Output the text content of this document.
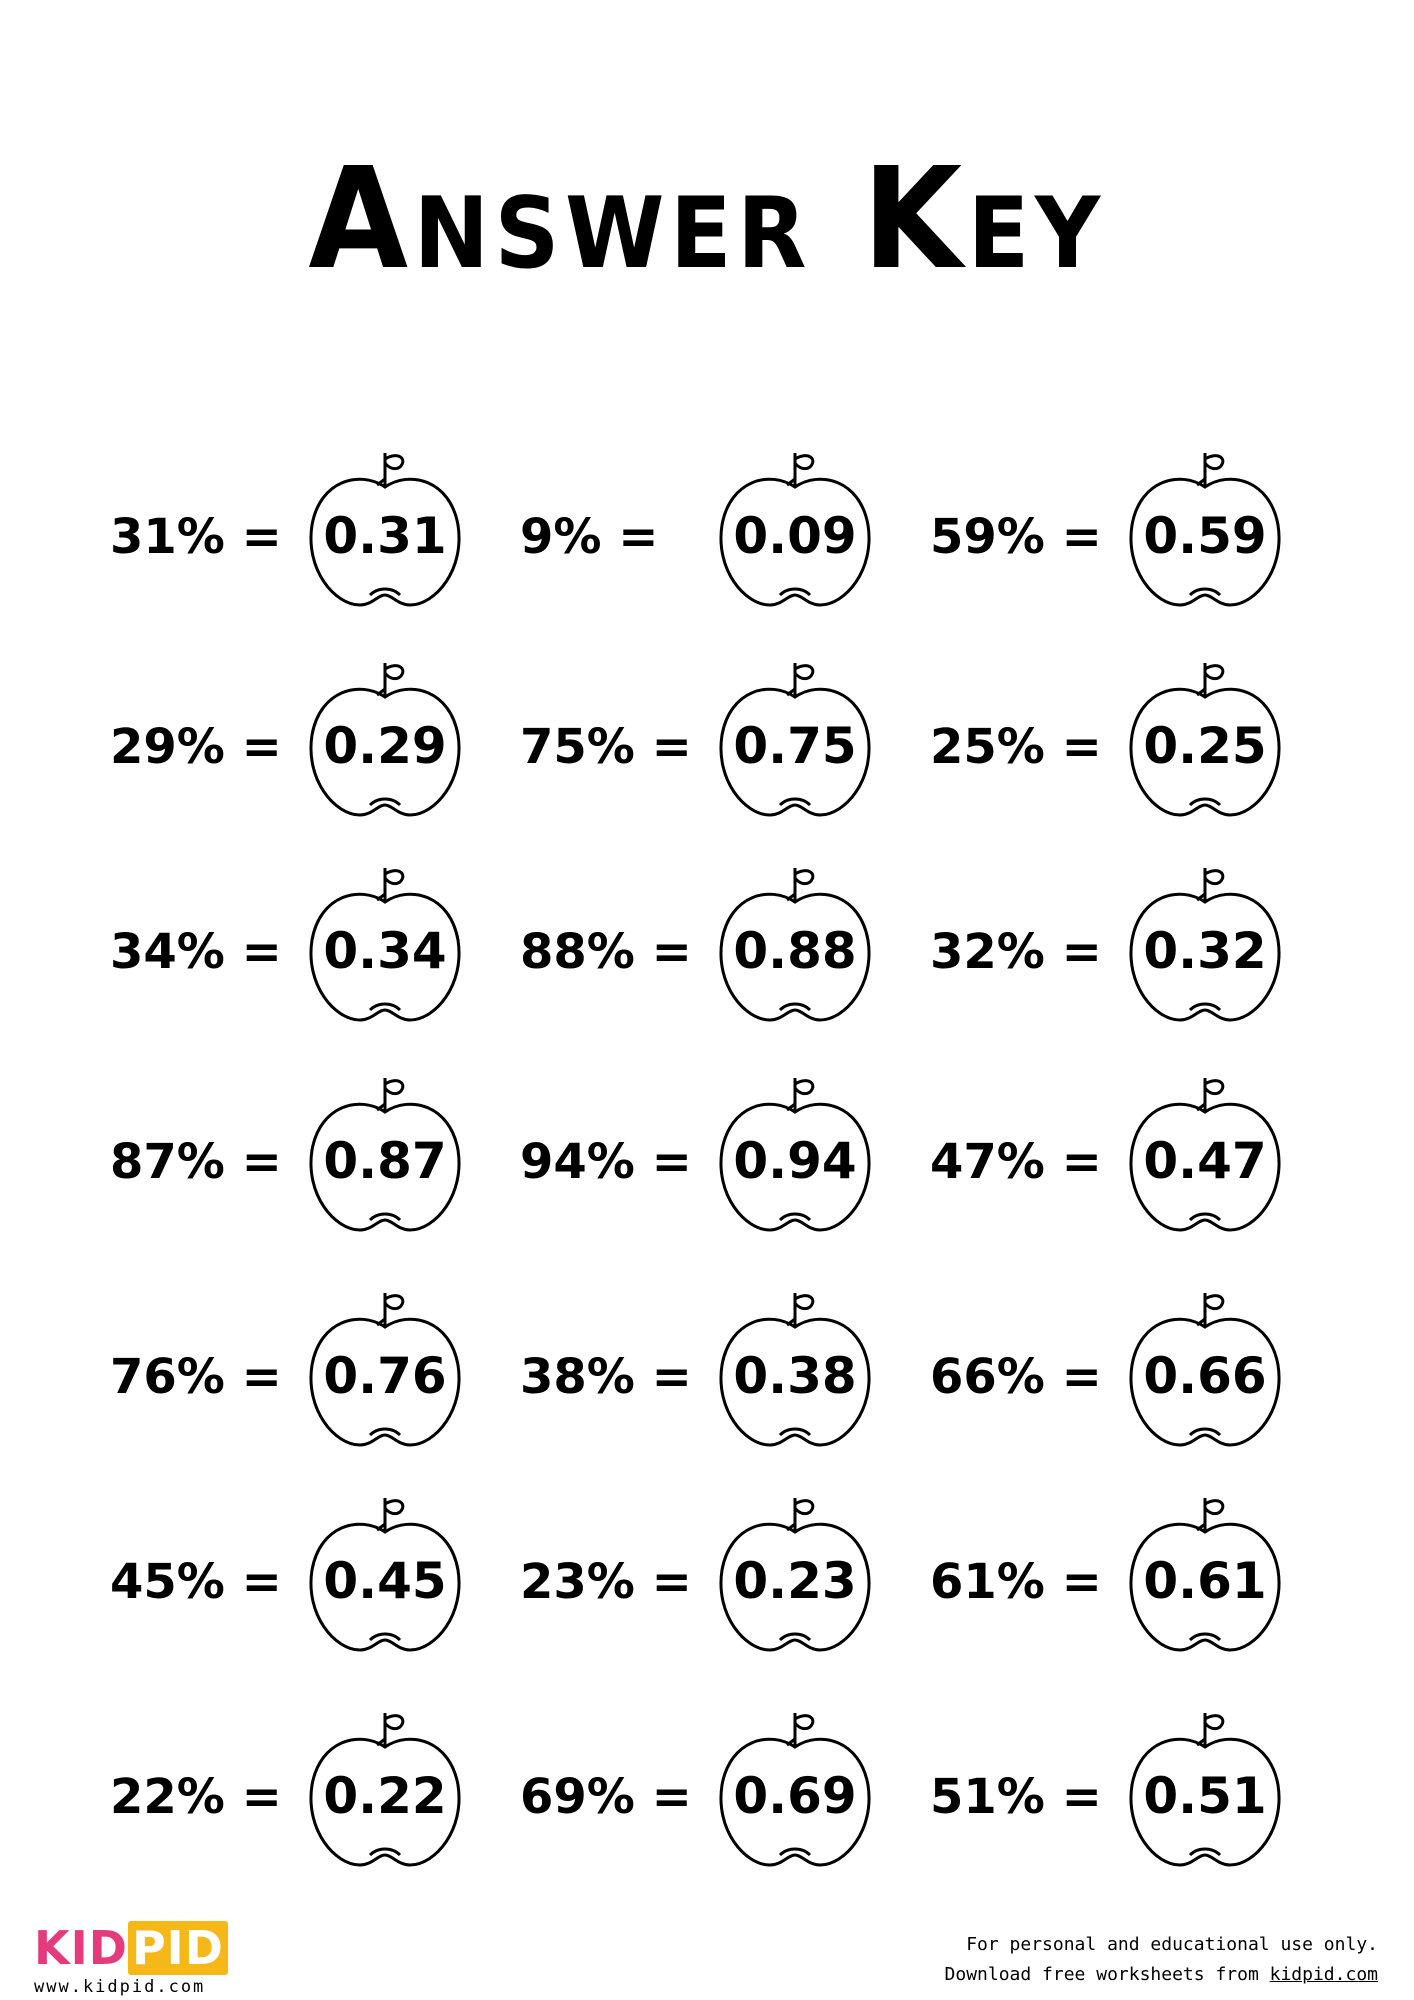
Answer Key
31% = 0.31	9% =	0.09	59% = 0.59
29% = 0.29	75% = 0.75	25% = 0.25
34% = 0.34	88% = 0.88	32% = 0.32
87% = 0.87	94% = 0.94	47% = 0.47
76% = 0.76	38% = 0.38	66% = 0.66
45% = 0.45	23% = 0.23	61% = 0.61
22% = 0.22	69% = 0.69	51% = 0.51
KIDPID
www.kidpid.com
For personal and educational use only.
Download free worksheets from kidpid.com
